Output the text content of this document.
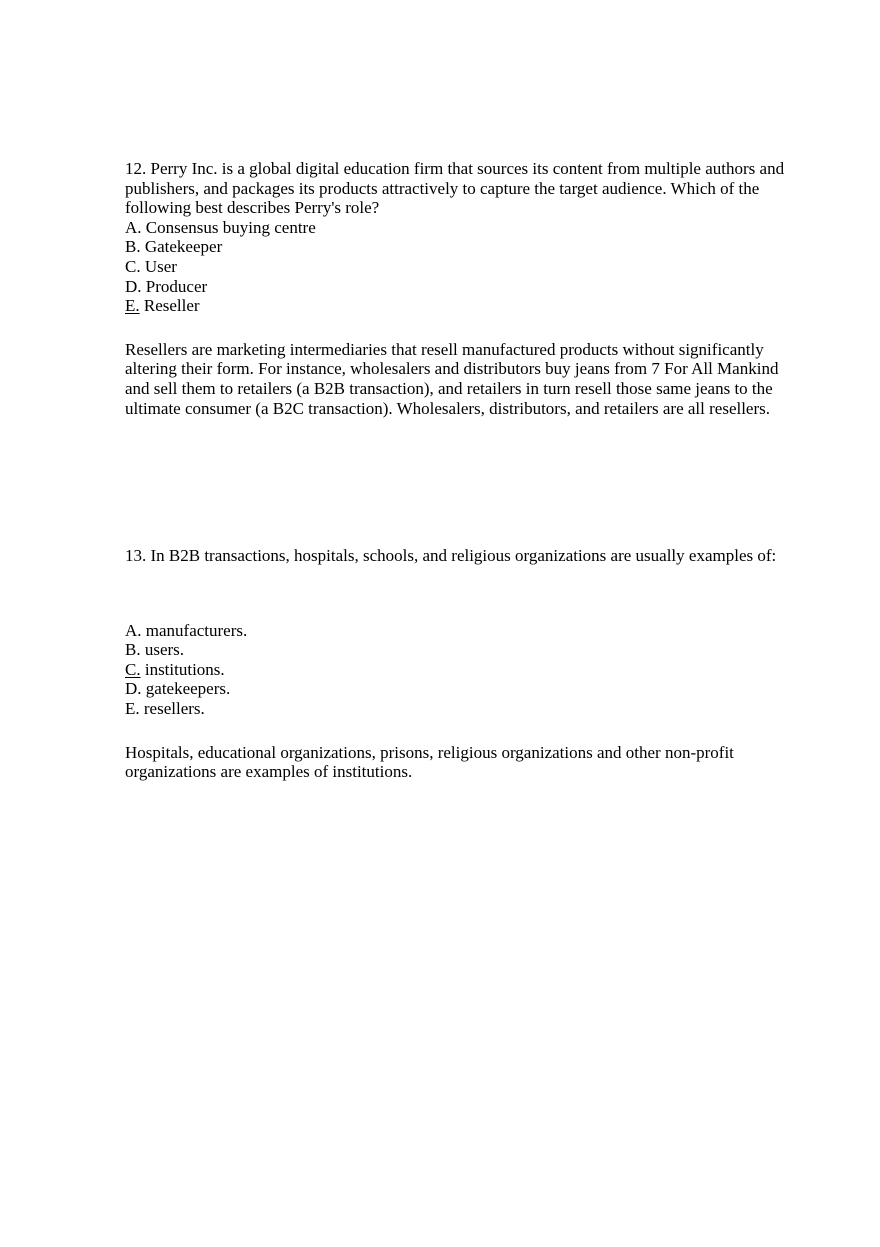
12. Perry Inc. is a global digital education firm that sources its content from multiple authors and publishers, and packages its products attractively to capture the target audience. Which of the following best describes Perry's role?

A. Consensus buying centre
B. Gatekeeper
C. User
D. Producer
E. Reseller

Resellers are marketing intermediaries that resell manufactured products without significantly altering their form. For instance, wholesalers and distributors buy jeans from 7 For All Mankind and sell them to retailers (a B2B transaction), and retailers in turn resell those same jeans to the ultimate consumer (a B2C transaction). Wholesalers, distributors, and retailers are all resellers.

13. In B2B transactions, hospitals, schools, and religious organizations are usually examples of:

A. manufacturers.
B. users.
C. institutions.
D. gatekeepers.
E. resellers.

Hospitals, educational organizations, prisons, religious organizations and other non-profit organizations are examples of institutions.
